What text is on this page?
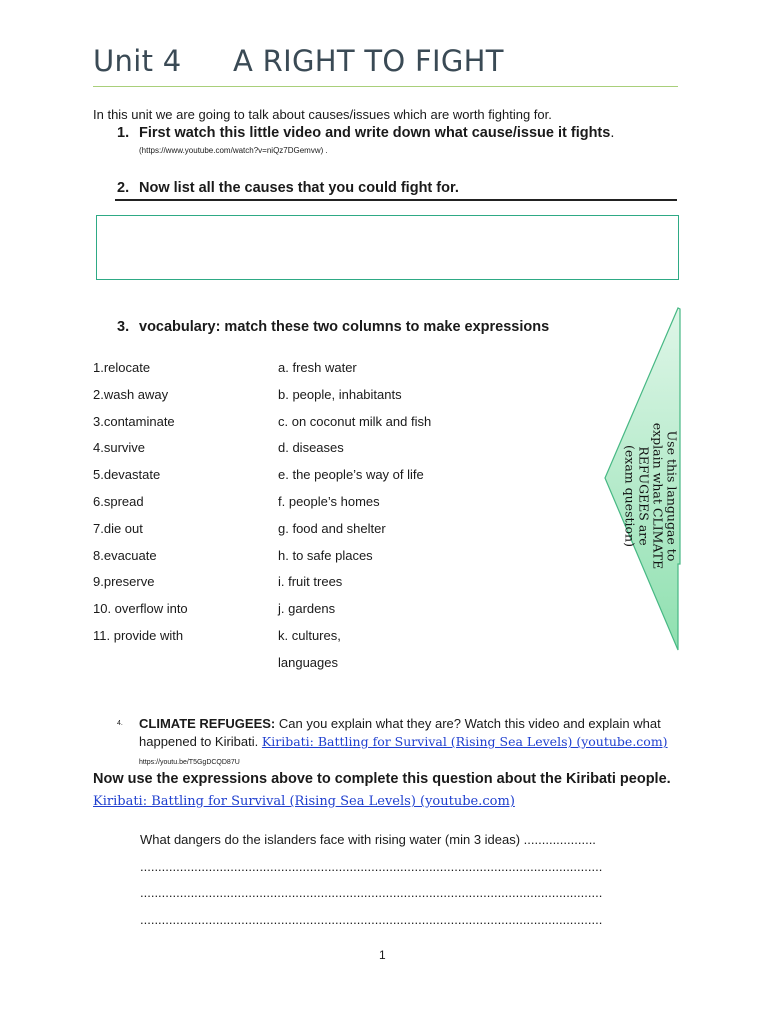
Unit 4 A RIGHT TO FIGHT
In this unit we are going to talk about causes/issues which are worth fighting for.
1. First watch this little video and write down what cause/issue it fights.
(https://www.youtube.com/watch?v=niQz7DGemvw) .
2. Now list all the causes that you could fight for.
3. vocabulary: match these two columns to make expressions
1.relocate
2.wash away
3.contaminate
4.survive
5.devastate
6.spread
7.die out
8.evacuate
9.preserve
10. overflow into
11. provide with
a. fresh water
b. people, inhabitants
c. on coconut milk and fish
d. diseases
e. the people’s way of life
f. people’s homes
g. food and shelter
h. to safe places
i. fruit trees
j. gardens
k. cultures,
languages
Use this langugae to
explain what CLIMATE
REFUGEES are
(exam question)
4. CLIMATE REFUGEES: Can you explain what they are? Watch this video and explain what happened to Kiribati. Kiribati: Battling for Survival (Rising Sea Levels) (youtube.com) https://youtu.be/T5GgDCQD87U
Now use the expressions above to complete this question about the Kiribati people. Kiribati: Battling for Survival (Rising Sea Levels) (youtube.com)
What dangers do the islanders face with rising water (min 3 ideas) ....................
................................................................................................................................
................................................................................................................................
................................................................................................................................
1
